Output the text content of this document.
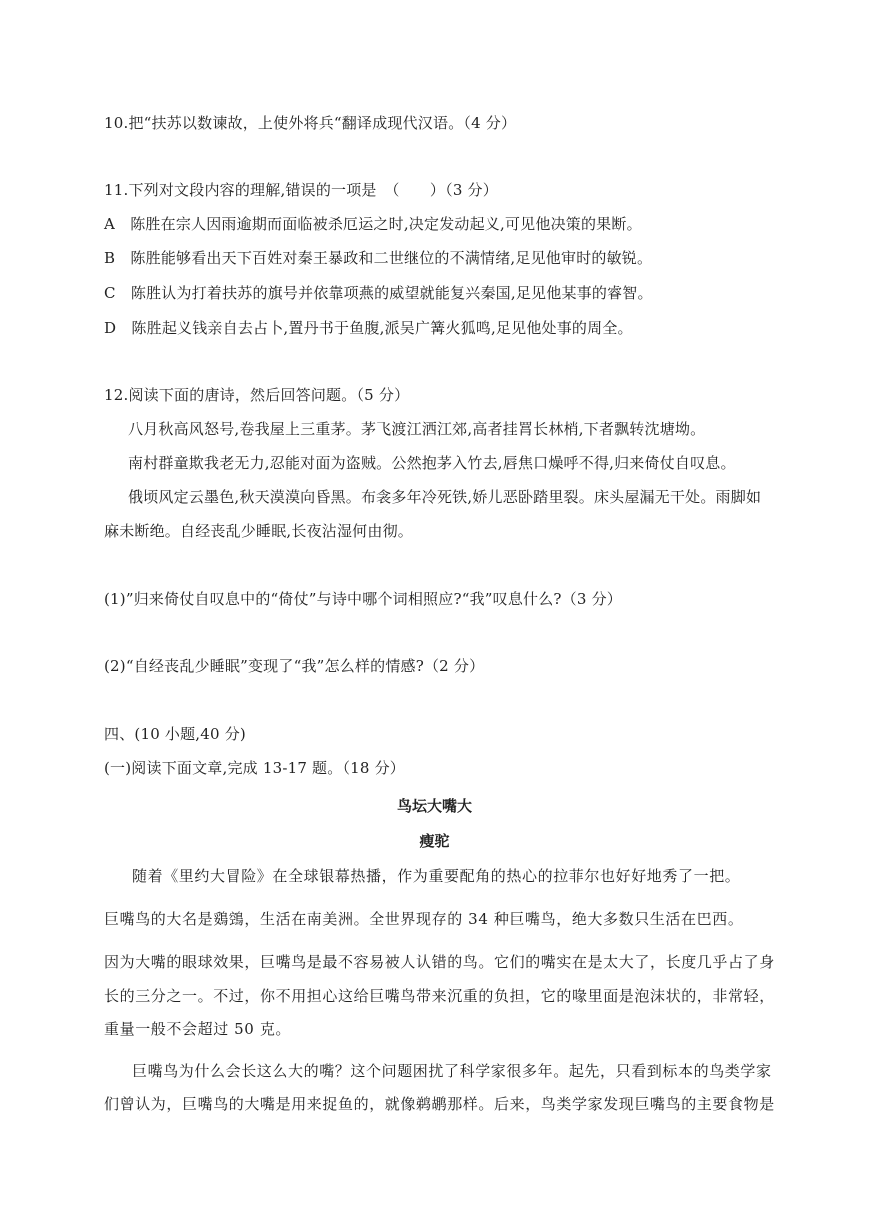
10.把“扶苏以数谏故，上使外将兵“翻译成现代汉语。（4 分）
11.下列对文段内容的理解,错误的一项是　（　　）（3 分）
A　陈胜在宗人因雨逾期而面临被杀厄运之时,决定发动起义,可见他决策的果断。
B　陈胜能够看出天下百姓对秦王暴政和二世继位的不满情绪,足见他审时的敏锐。
C　陈胜认为打着扶苏的旗号并依靠项燕的威望就能复兴秦国,足见他某事的睿智。
D　陈胜起义钱亲自去占卜,置丹书于鱼腹,派吴广篝火狐鸣,足见他处事的周全。
12.阅读下面的唐诗，然后回答问题。（5 分）
八月秋高风怒号,卷我屋上三重茅。茅飞渡江洒江郊,高者挂罥长林梢,下者飘转沈塘坳。
南村群童欺我老无力,忍能对面为盗贼。公然抱茅入竹去,唇焦口燥呼不得,归来倚仗自叹息。
俄顷风定云墨色,秋天漠漠向昏黑。布衾多年冷死铁,娇儿恶卧踏里裂。床头屋漏无干处。雨脚如
麻未断绝。自经丧乱少睡眠,长夜沾湿何由彻。
(1)”归来倚仗自叹息中的“倚仗”与诗中哪个词相照应?“我”叹息什么?（3 分）
(2)“自经丧乱少睡眠”变现了“我”怎么样的情感?（2 分）
四、(10 小题,40 分)
(一)阅读下面文章,完成 13-17 题。（18 分）
鸟坛大嘴大
瘦驼
随着《里约大冒险》在全球银幕热播，作为重要配角的热心的拉菲尔也好好地秀了一把。
巨嘴鸟的大名是鵎鵼，生活在南美洲。全世界现存的 34 种巨嘴鸟，绝大多数只生活在巴西。
因为大嘴的眼球效果，巨嘴鸟是最不容易被人认错的鸟。它们的嘴实在是太大了，长度几乎占了身
长的三分之一。不过，你不用担心这给巨嘴鸟带来沉重的负担，它的喙里面是泡沫状的，非常轻，
重量一般不会超过 50 克。
巨嘴鸟为什么会长这么大的嘴？这个问题困扰了科学家很多年。起先，只看到标本的鸟类学家
们曾认为，巨嘴鸟的大嘴是用来捉鱼的，就像鹈鹕那样。后来，鸟类学家发现巨嘴鸟的主要食物是
